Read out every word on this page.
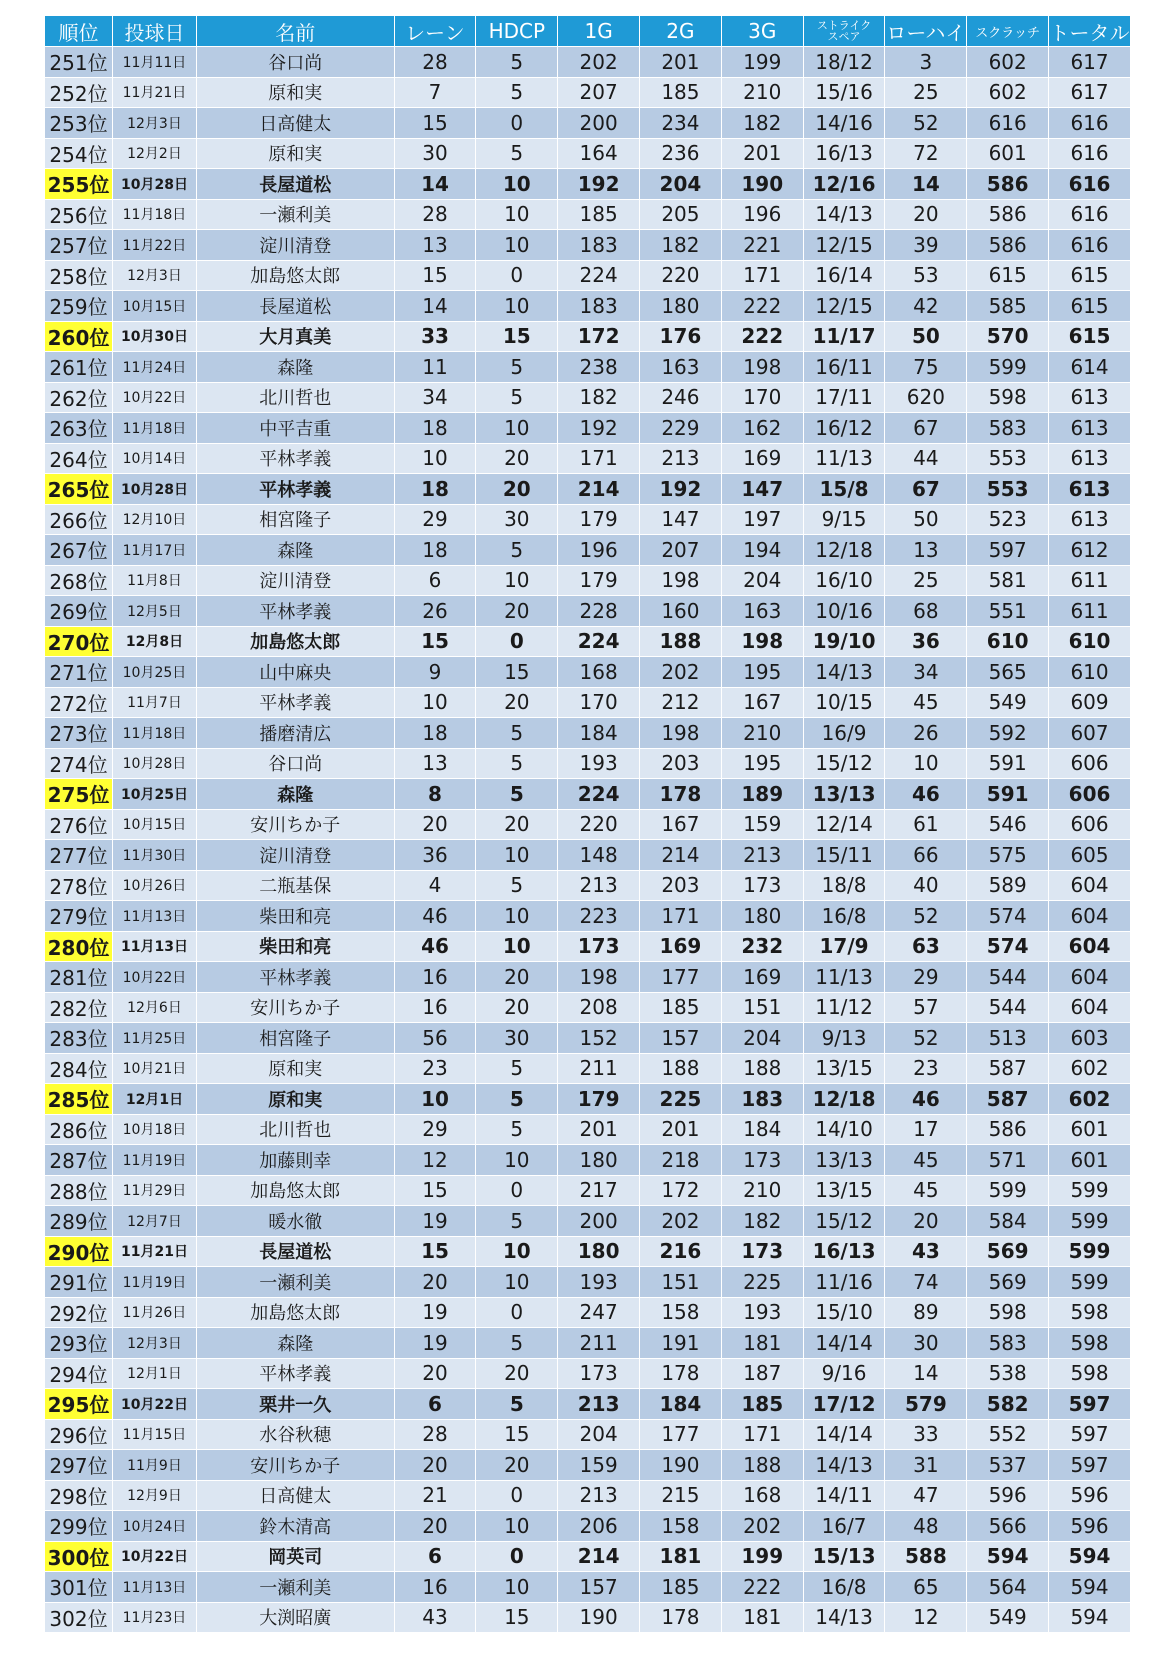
順位	投球日	名前	レーン	HDCP	1G	2G	3G	ストライク
スペア	ローハイ	スクラッチ	トータル
251位	11月11日	谷口尚	28	5	202	201	199	18/12	3	602	617
252位	11月21日	原和実	7	5	207	185	210	15/16	25	602	617
253位	12月3日	日高健太	15	0	200	234	182	14/16	52	616	616
254位	12月2日	原和実	30	5	164	236	201	16/13	72	601	616
255位	10月28日	長屋道松	14	10	192	204	190	12/16	14	586	616
256位	11月18日	一瀬利美	28	10	185	205	196	14/13	20	586	616
257位	11月22日	淀川清登	13	10	183	182	221	12/15	39	586	616
258位	12月3日	加島悠太郎	15	0	224	220	171	16/14	53	615	615
259位	10月15日	長屋道松	14	10	183	180	222	12/15	42	585	615
260位	10月30日	大月真美	33	15	172	176	222	11/17	50	570	615
261位	11月24日	森隆	11	5	238	163	198	16/11	75	599	614
262位	10月22日	北川哲也	34	5	182	246	170	17/11	620	598	613
263位	11月18日	中平吉重	18	10	192	229	162	16/12	67	583	613
264位	10月14日	平林孝義	10	20	171	213	169	11/13	44	553	613
265位	10月28日	平林孝義	18	20	214	192	147	15/8	67	553	613
266位	12月10日	相宮隆子	29	30	179	147	197	9/15	50	523	613
267位	11月17日	森隆	18	5	196	207	194	12/18	13	597	612
268位	11月8日	淀川清登	6	10	179	198	204	16/10	25	581	611
269位	12月5日	平林孝義	26	20	228	160	163	10/16	68	551	611
270位	12月8日	加島悠太郎	15	0	224	188	198	19/10	36	610	610
271位	10月25日	山中麻央	9	15	168	202	195	14/13	34	565	610
272位	11月7日	平林孝義	10	20	170	212	167	10/15	45	549	609
273位	11月18日	播磨清広	18	5	184	198	210	16/9	26	592	607
274位	10月28日	谷口尚	13	5	193	203	195	15/12	10	591	606
275位	10月25日	森隆	8	5	224	178	189	13/13	46	591	606
276位	10月15日	安川ちか子	20	20	220	167	159	12/14	61	546	606
277位	11月30日	淀川清登	36	10	148	214	213	15/11	66	575	605
278位	10月26日	二瓶基保	4	5	213	203	173	18/8	40	589	604
279位	11月13日	柴田和亮	46	10	223	171	180	16/8	52	574	604
280位	11月13日	柴田和亮	46	10	173	169	232	17/9	63	574	604
281位	10月22日	平林孝義	16	20	198	177	169	11/13	29	544	604
282位	12月6日	安川ちか子	16	20	208	185	151	11/12	57	544	604
283位	11月25日	相宮隆子	56	30	152	157	204	9/13	52	513	603
284位	10月21日	原和実	23	5	211	188	188	13/15	23	587	602
285位	12月1日	原和実	10	5	179	225	183	12/18	46	587	602
286位	10月18日	北川哲也	29	5	201	201	184	14/10	17	586	601
287位	11月19日	加藤則幸	12	10	180	218	173	13/13	45	571	601
288位	11月29日	加島悠太郎	15	0	217	172	210	13/15	45	599	599
289位	12月7日	暖水徹	19	5	200	202	182	15/12	20	584	599
290位	11月21日	長屋道松	15	10	180	216	173	16/13	43	569	599
291位	11月19日	一瀬利美	20	10	193	151	225	11/16	74	569	599
292位	11月26日	加島悠太郎	19	0	247	158	193	15/10	89	598	598
293位	12月3日	森隆	19	5	211	191	181	14/14	30	583	598
294位	12月1日	平林孝義	20	20	173	178	187	9/16	14	538	598
295位	10月22日	栗井一久	6	5	213	184	185	17/12	579	582	597
296位	11月15日	水谷秋穂	28	15	204	177	171	14/14	33	552	597
297位	11月9日	安川ちか子	20	20	159	190	188	14/13	31	537	597
298位	12月9日	日高健太	21	0	213	215	168	14/11	47	596	596
299位	10月24日	鈴木清高	20	10	206	158	202	16/7	48	566	596
300位	10月22日	岡英司	6	0	214	181	199	15/13	588	594	594
301位	11月13日	一瀬利美	16	10	157	185	222	16/8	65	564	594
302位	11月23日	大渕昭廣	43	15	190	178	181	14/13	12	549	594
